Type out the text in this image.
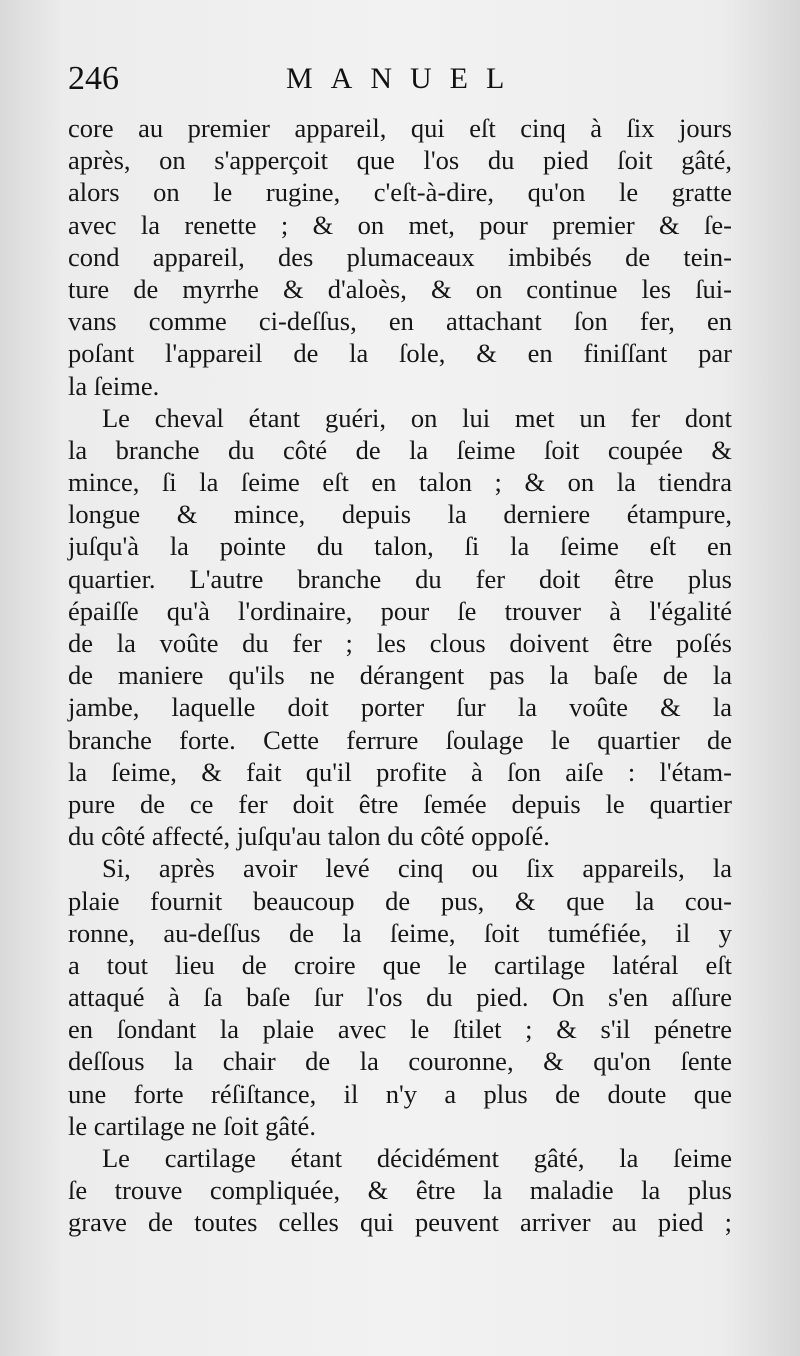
246	MANUEL
core au premier appareil, qui eſt cinq à ſix jours
après, on s'apperçoit que l'os du pied ſoit gâté,
alors on le rugine, c'eſt-à-dire, qu'on le gratte
avec la renette ; & on met, pour premier & ſe-
cond appareil, des plumaceaux imbibés de tein-
ture de myrrhe & d'aloès, & on continue les ſui-
vans comme ci-deſſus, en attachant ſon fer, en
poſant l'appareil de la ſole, & en finiſſant par
la ſeime.
Le cheval étant guéri, on lui met un fer dont
la branche du côté de la ſeime ſoit coupée &
mince, ſi la ſeime eſt en talon ; & on la tiendra
longue & mince, depuis la derniere étampure,
juſqu'à la pointe du talon, ſi la ſeime eſt en
quartier. L'autre branche du fer doit être plus
épaiſſe qu'à l'ordinaire, pour ſe trouver à l'égalité
de la voûte du fer ; les clous doivent être poſés
de maniere qu'ils ne dérangent pas la baſe de la
jambe, laquelle doit porter ſur la voûte & la
branche forte. Cette ferrure ſoulage le quartier de
la ſeime, & fait qu'il profite à ſon aiſe : l'étam-
pure de ce fer doit être ſemée depuis le quartier
du côté affecté, juſqu'au talon du côté oppoſé.
Si, après avoir levé cinq ou ſix appareils, la
plaie fournit beaucoup de pus, & que la cou-
ronne, au-deſſus de la ſeime, ſoit tuméfiée, il y
a tout lieu de croire que le cartilage latéral eſt
attaqué à ſa baſe ſur l'os du pied. On s'en aſſure
en ſondant la plaie avec le ſtilet ; & s'il pénetre
deſſous la chair de la couronne, & qu'on ſente
une forte réſiſtance, il n'y a plus de doute que
le cartilage ne ſoit gâté.
Le cartilage étant décidément gâté, la ſeime
ſe trouve compliquée, & être la maladie la plus
grave de toutes celles qui peuvent arriver au pied ;
